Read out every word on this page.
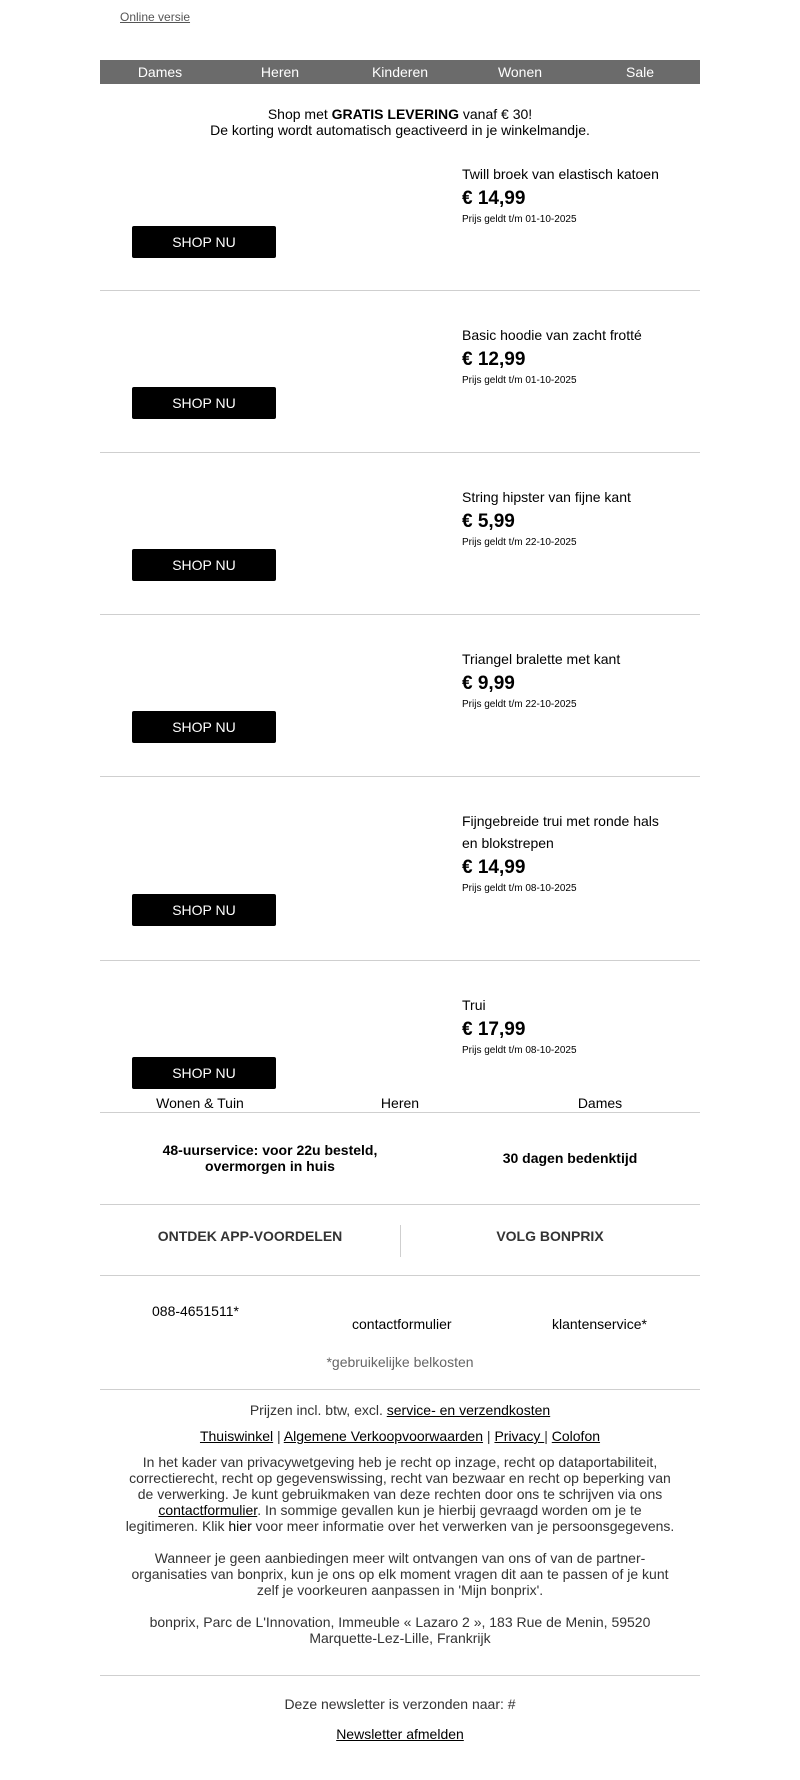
Online versie
Dames	Heren	Kinderen	Wonen	Sale
Shop met GRATIS LEVERING vanaf € 30!
De korting wordt automatisch geactiveerd in je winkelmandje.
SHOP NU
Twill broek van elastisch katoen
€ 14,99
Prijs geldt t/m 01-10-2025
SHOP NU
Basic hoodie van zacht frotté
€ 12,99
Prijs geldt t/m 01-10-2025
SHOP NU
String hipster van fijne kant
€ 5,99
Prijs geldt t/m 22-10-2025
SHOP NU
Triangel bralette met kant
€ 9,99
Prijs geldt t/m 22-10-2025
SHOP NU
Fijngebreide trui met ronde hals en blokstrepen
€ 14,99
Prijs geldt t/m 08-10-2025
SHOP NU
Trui
€ 17,99
Prijs geldt t/m 08-10-2025
Wonen & Tuin	Heren	Dames
48-uurservice: voor 22u besteld, overmorgen in huis	30 dagen bedenktijd
ONTDEK APP-VOORDELEN	VOLG BONPRIX
088-4651511*
contactformulier	klantenservice*
*gebruikelijke belkosten

Prijzen incl. btw, excl. service- en verzendkosten

Thuiswinkel | Algemene Verkoopvoorwaarden | Privacy | Colofon

In het kader van privacywetgeving heb je recht op inzage, recht op dataportabiliteit, correctierecht, recht op gegevenswissing, recht van bezwaar en recht op beperking van de verwerking. Je kunt gebruikmaken van deze rechten door ons te schrijven via ons contactformulier. In sommige gevallen kun je hierbij gevraagd worden om je te legitimeren. Klik hier voor meer informatie over het verwerken van je persoonsgegevens.

Wanneer je geen aanbiedingen meer wilt ontvangen van ons of van de partner-organisaties van bonprix, kun je ons op elk moment vragen dit aan te passen of je kunt zelf je voorkeuren aanpassen in 'Mijn bonprix'.

bonprix, Parc de L'Innovation, Immeuble « Lazaro 2 », 183 Rue de Menin, 59520 Marquette-Lez-Lille, Frankrijk

Deze newsletter is verzonden naar: #

Newsletter afmelden
